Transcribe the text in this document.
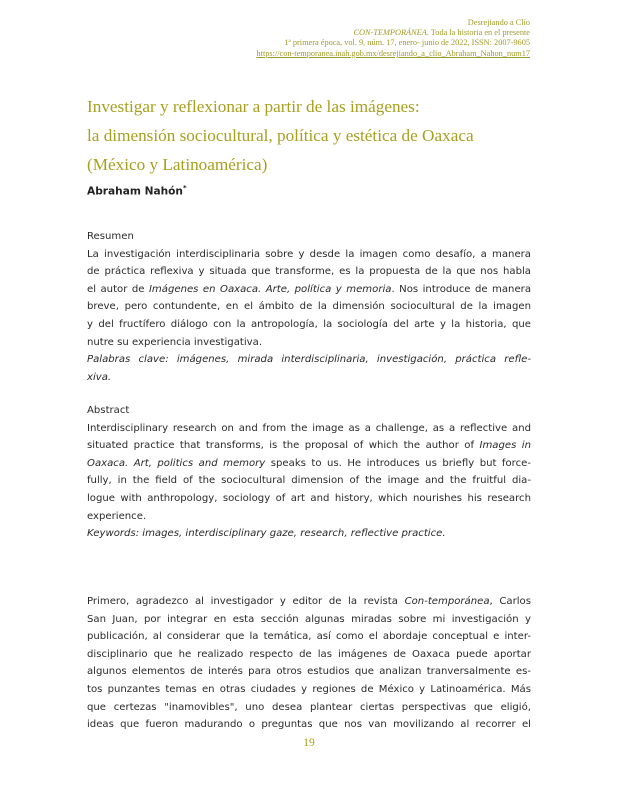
Desrejiando a Clío
CON-TEMPORÁNEA. Toda la historia en el presente
1ª primera época, vol. 9, núm. 17, enero- junio de 2022, ISSN: 2007-9605
https://con-temporanea.inah.gob.mx/desrejiando_a_clio_Abraham_Nahon_num17
Investigar y reflexionar a partir de las imágenes:
la dimensión sociocultural, política y estética de Oaxaca
(México y Latinoamérica)
Abraham Nahón*
Resumen
La investigación interdisciplinaria sobre y desde la imagen como desafío, a manera
de práctica reflexiva y situada que transforme, es la propuesta de la que nos habla
el autor de Imágenes en Oaxaca. Arte, política y memoria. Nos introduce de manera
breve, pero contundente, en el ámbito de la dimensión sociocultural de la imagen
y del fructífero diálogo con la antropología, la sociología del arte y la historia, que
nutre su experiencia investigativa.
Palabras clave: imágenes, mirada interdisciplinaria, investigación, práctica refle-
xiva.
Abstract
Interdisciplinary research on and from the image as a challenge, as a reflective and
situated practice that transforms, is the proposal of which the author of Images in
Oaxaca. Art, politics and memory speaks to us. He introduces us briefly but force-
fully, in the field of the sociocultural dimension of the image and the fruitful dia-
logue with anthropology, sociology of art and history, which nourishes his research
experience.
Keywords: images, interdisciplinary gaze, research, reflective practice.
Primero, agradezco al investigador y editor de la revista Con-temporánea, Carlos
San Juan, por integrar en esta sección algunas miradas sobre mi investigación y
publicación, al considerar que la temática, así como el abordaje conceptual e inter-
disciplinario que he realizado respecto de las imágenes de Oaxaca puede aportar
algunos elementos de interés para otros estudios que analizan tranversalmente es-
tos punzantes temas en otras ciudades y regiones de México y Latinoamérica. Más
que certezas "inamovibles", uno desea plantear ciertas perspectivas que eligió,
ideas que fueron madurando o preguntas que nos van movilizando al recorrer el
19
